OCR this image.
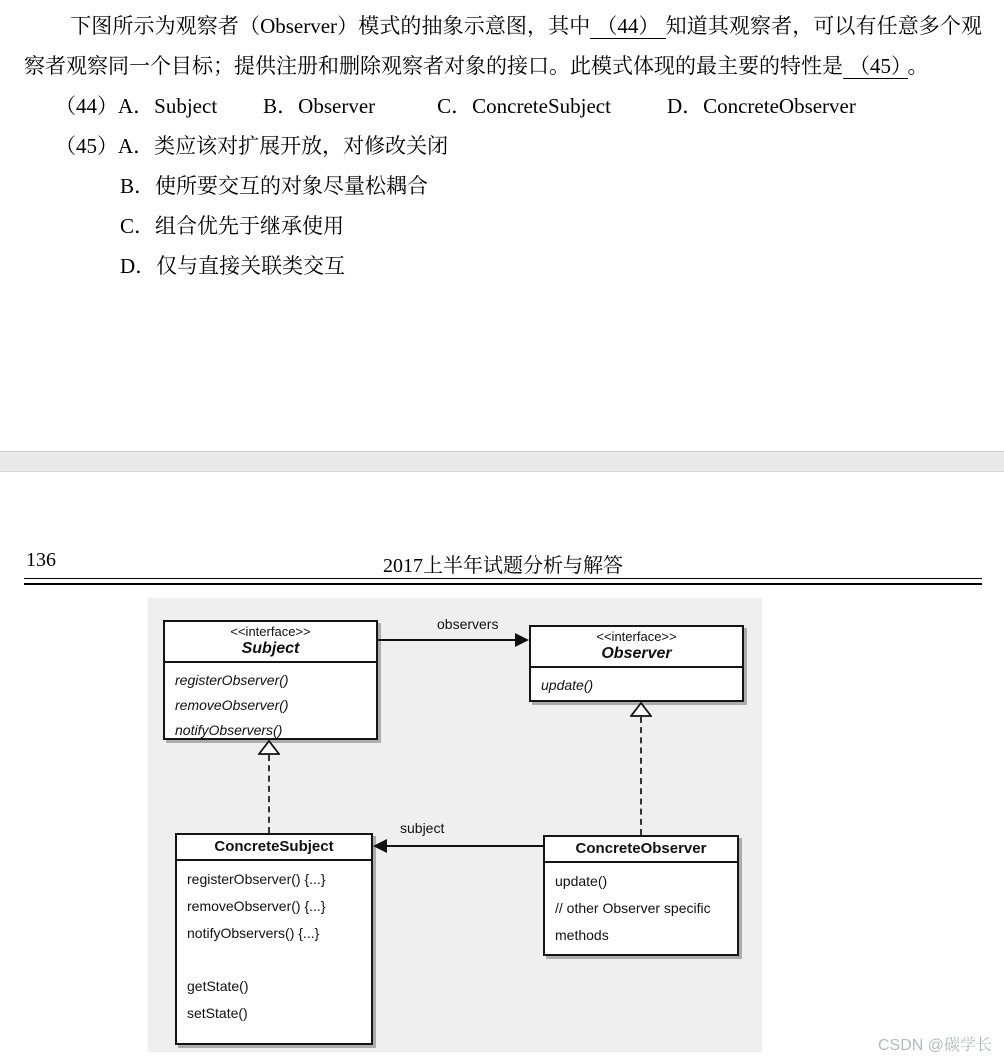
下图所示为观察者（Observer）模式的抽象示意图，其中 （44） 知道其观察者，可以有任意多个观察者观察同一个目标；提供注册和删除观察者对象的接口。此模式体现的最主要的特性是 （45） 。

（44）A．Subject B．Observer	C．ConcreteSubject	D．ConcreteObserver
（45）A．类应该对扩展开放，对修改关闭
B．使所要交互的对象尽量松耦合
C．组合优先于继承使用
D．仅与直接关联类交互
136	2017上半年试题分析与解答
<<interface>>
Subject
registerObserver()
removeObserver()
notifyObservers()
<<interface>>
Observer
update()
ConcreteSubject
registerObserver() {...}
removeObserver() {...}
notifyObservers() {...}
getState()
setState()
ConcreteObserver
update()
// other Observer specific
methods
observers
subject
CSDN @碳学长
